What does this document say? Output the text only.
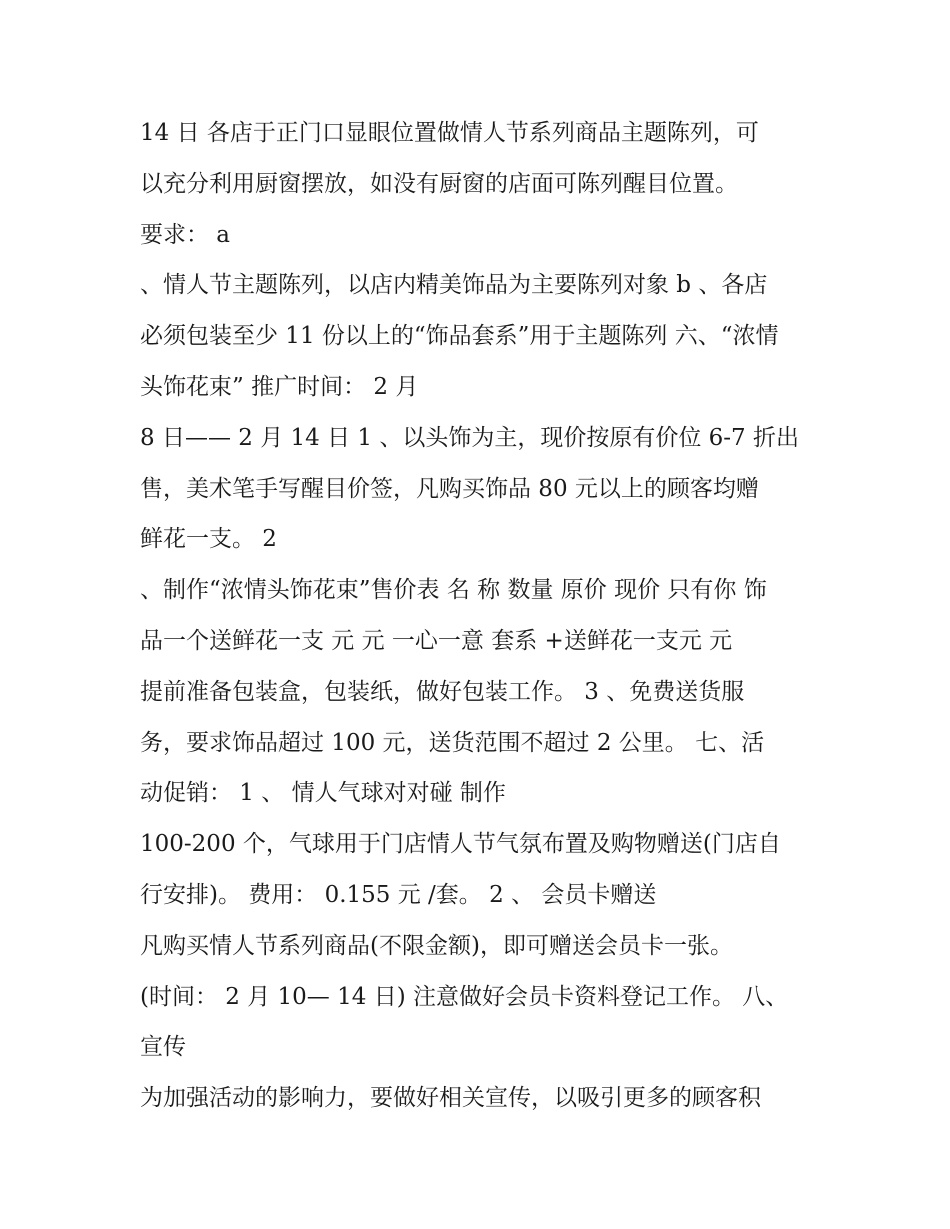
14 日 各店于正门口显眼位置做情人节系列商品主题陈列，可
以充分利用厨窗摆放，如没有厨窗的店面可陈列醒目位置。
要求： a
、情人节主题陈列，以店内精美饰品为主要陈列对象 b 、各店
必须包装至少 11 份以上的“饰品套系”用于主题陈列 六、“浓情
头饰花束” 推广时间： 2 月
8 日—— 2 月 14 日 1 、以头饰为主，现价按原有价位 6-7 折出
售，美术笔手写醒目价签，凡购买饰品 80 元以上的顾客均赠
鲜花一支。 2
、制作“浓情头饰花束”售价表 名 称 数量 原价 现价 只有你 饰
品一个送鲜花一支 元 元 一心一意 套系 +送鲜花一支元 元
提前准备包装盒，包装纸，做好包装工作。 3 、免费送货服
务，要求饰品超过 100 元，送货范围不超过 2 公里。 七、活
动促销： 1 、 情人气球对对碰 制作
100-200 个，气球用于门店情人节气氛布置及购物赠送(门店自
行安排)。 费用： 0.155 元 /套。 2 、 会员卡赠送
凡购买情人节系列商品(不限金额)，即可赠送会员卡一张。
(时间： 2 月 10— 14 日) 注意做好会员卡资料登记工作。 八、
宣传
为加强活动的影响力，要做好相关宣传，以吸引更多的顾客积
